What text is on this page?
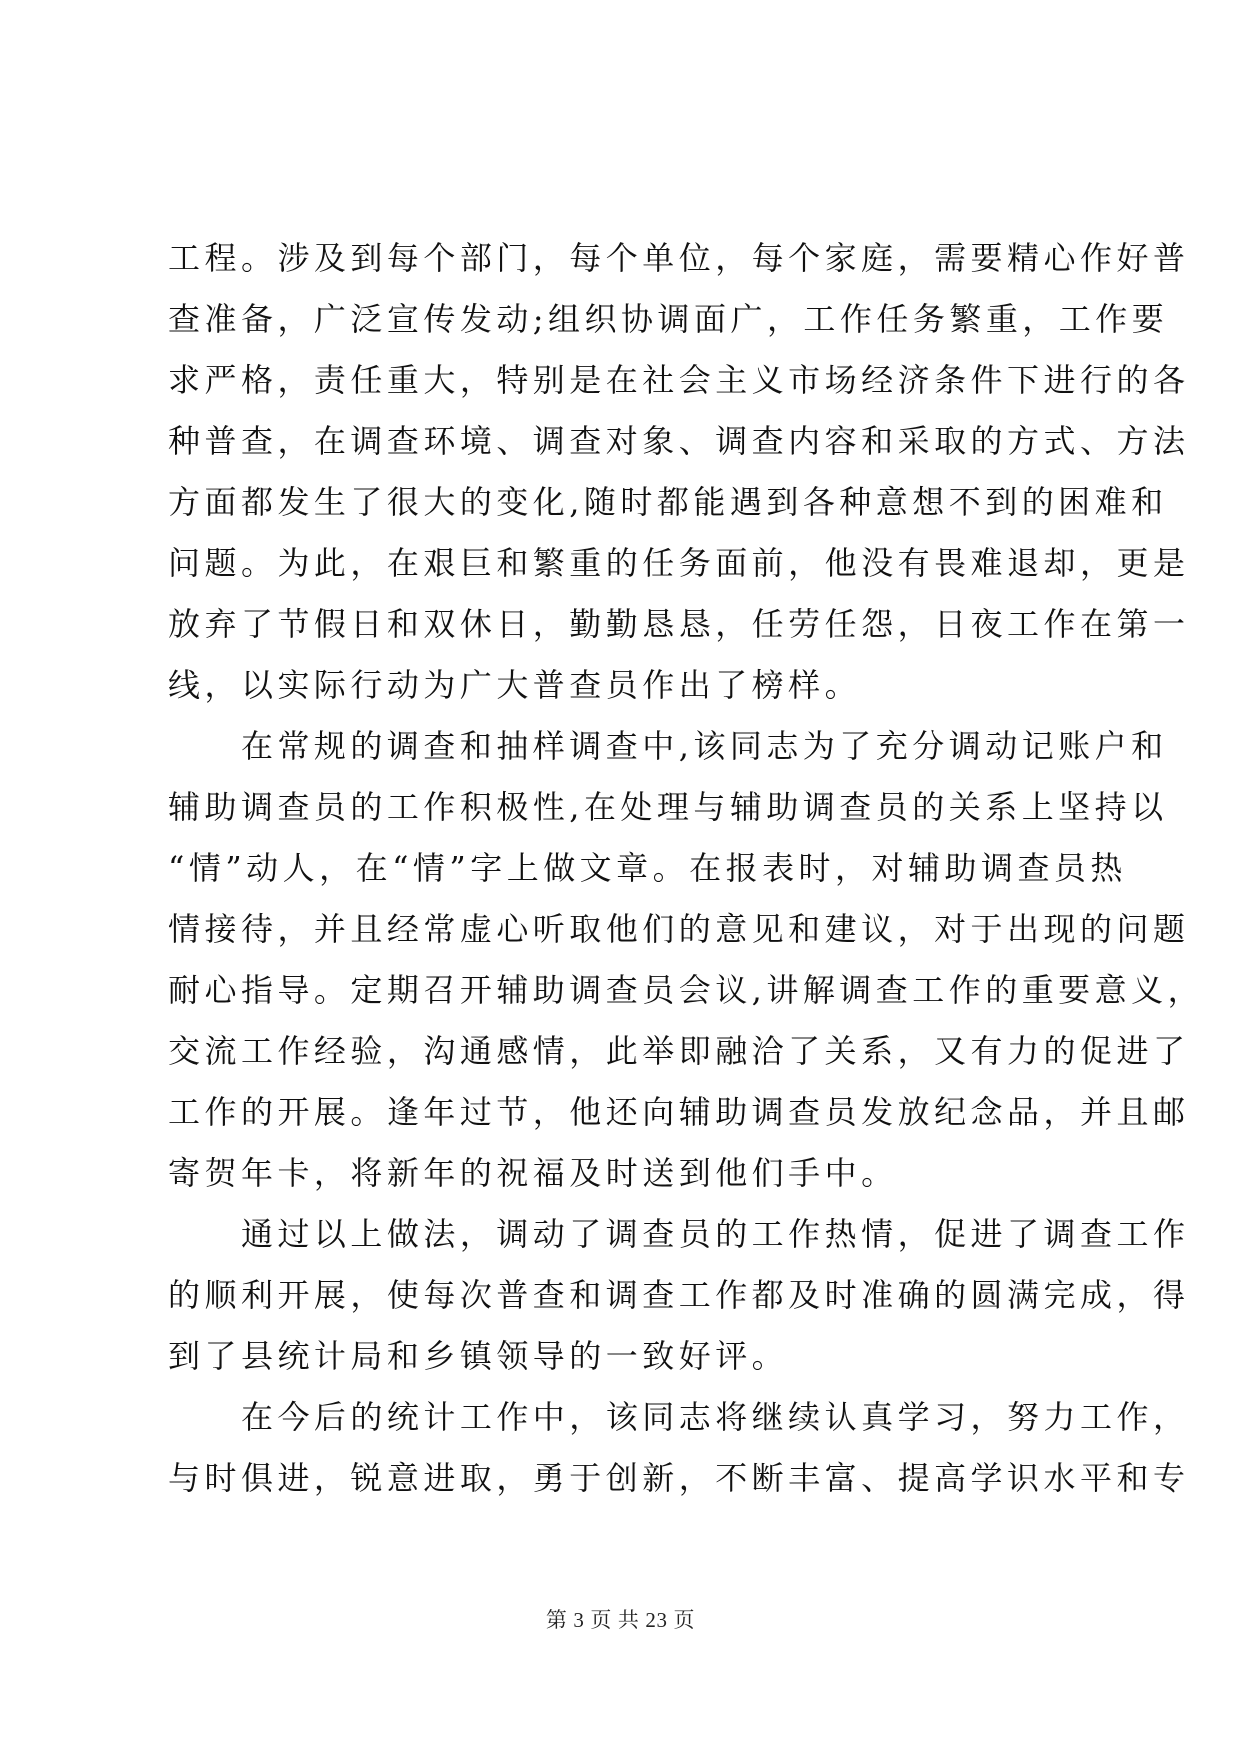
工程。涉及到每个部门，每个单位，每个家庭，需要精心作好普
查准备，广泛宣传发动;组织协调面广，工作任务繁重，工作要
求严格，责任重大，特别是在社会主义市场经济条件下进行的各
种普查，在调查环境、调查对象、调查内容和采取的方式、方法
方面都发生了很大的变化,随时都能遇到各种意想不到的困难和
问题。为此，在艰巨和繁重的任务面前，他没有畏难退却，更是
放弃了节假日和双休日，勤勤恳恳，任劳任怨，日夜工作在第一
线，以实际行动为广大普查员作出了榜样。
　　在常规的调查和抽样调查中,该同志为了充分调动记账户和
辅助调查员的工作积极性,在处理与辅助调查员的关系上坚持以
“情”动人，在“情”字上做文章。在报表时，对辅助调查员热
情接待，并且经常虚心听取他们的意见和建议，对于出现的问题
耐心指导。定期召开辅助调查员会议,讲解调查工作的重要意义，
交流工作经验，沟通感情，此举即融洽了关系，又有力的促进了
工作的开展。逢年过节，他还向辅助调查员发放纪念品，并且邮
寄贺年卡，将新年的祝福及时送到他们手中。
　　通过以上做法，调动了调查员的工作热情，促进了调查工作
的顺利开展，使每次普查和调查工作都及时准确的圆满完成，得
到了县统计局和乡镇领导的一致好评。
　　在今后的统计工作中，该同志将继续认真学习，努力工作，
与时俱进，锐意进取，勇于创新，不断丰富、提高学识水平和专
第 3 页 共 23 页
